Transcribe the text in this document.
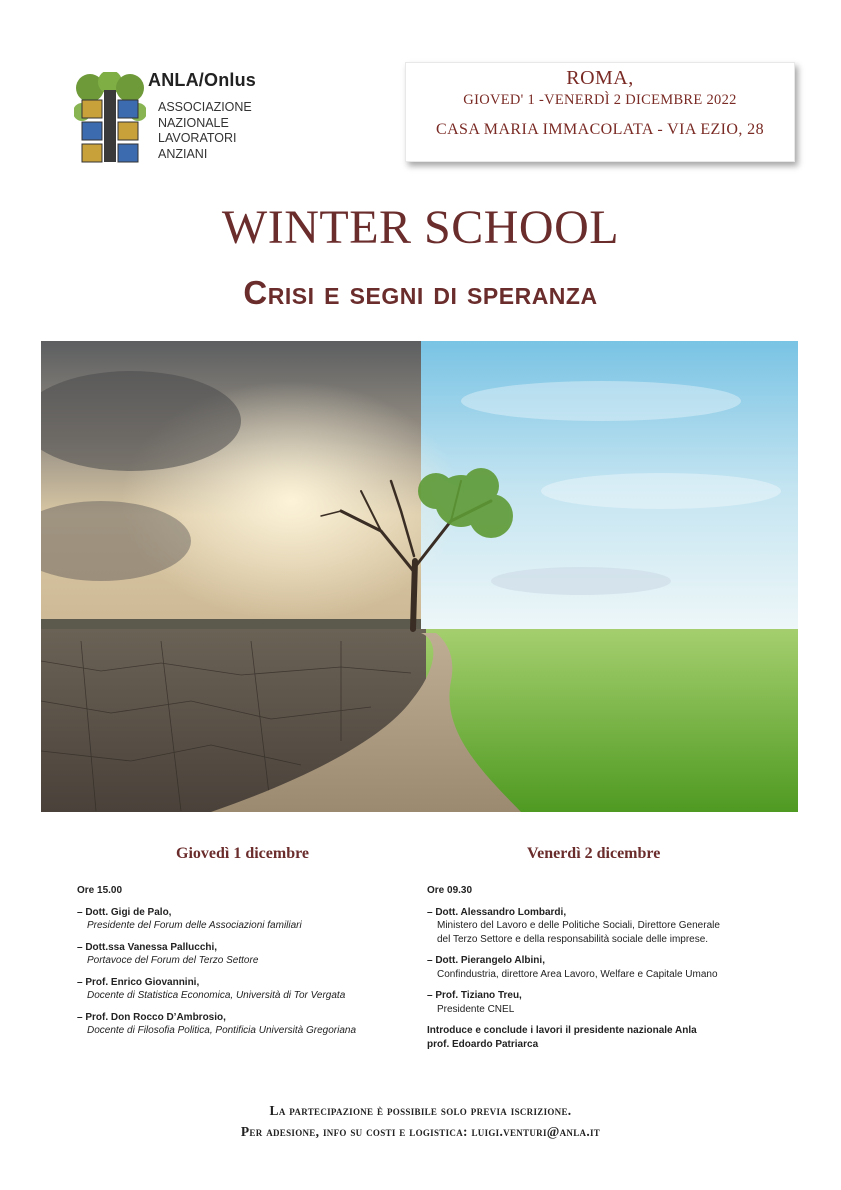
ANLA/Onlus
ASSOCIAZIONE
NAZIONALE
LAVORATORI
ANZIANI
ROMA,
GIOVED' 1 -VENERDÌ 2 DICEMBRE 2022
CASA MARIA IMMACOLATA - VIA EZIO, 28
WINTER SCHOOL
Crisi e segni di speranza
Giovedì 1 dicembre	Venerdì 2 dicembre
Ore 15.00
– Dott. Gigi de Palo,
Presidente del Forum delle Associazioni familiari
– Dott.ssa Vanessa Pallucchi,
Portavoce del Forum del Terzo Settore
– Prof. Enrico Giovannini,
Docente di Statistica Economica, Università di Tor Vergata
– Prof. Don Rocco D’Ambrosio,
Docente di Filosofia Politica, Pontificia Università Gregoriana
Ore 09.30
– Dott. Alessandro Lombardi,
Ministero del Lavoro e delle Politiche Sociali, Direttore Generale
del Terzo Settore e della responsabilità sociale delle imprese.
– Dott. Pierangelo Albini,
Confindustria, direttore Area Lavoro, Welfare e Capitale Umano
– Prof. Tiziano Treu,
Presidente CNEL
Introduce e conclude i lavori il presidente nazionale Anla
prof. Edoardo Patriarca
La partecipazione è possibile solo previa iscrizione.
Per adesione, info su costi e logistica: luigi.venturi@anla.it
